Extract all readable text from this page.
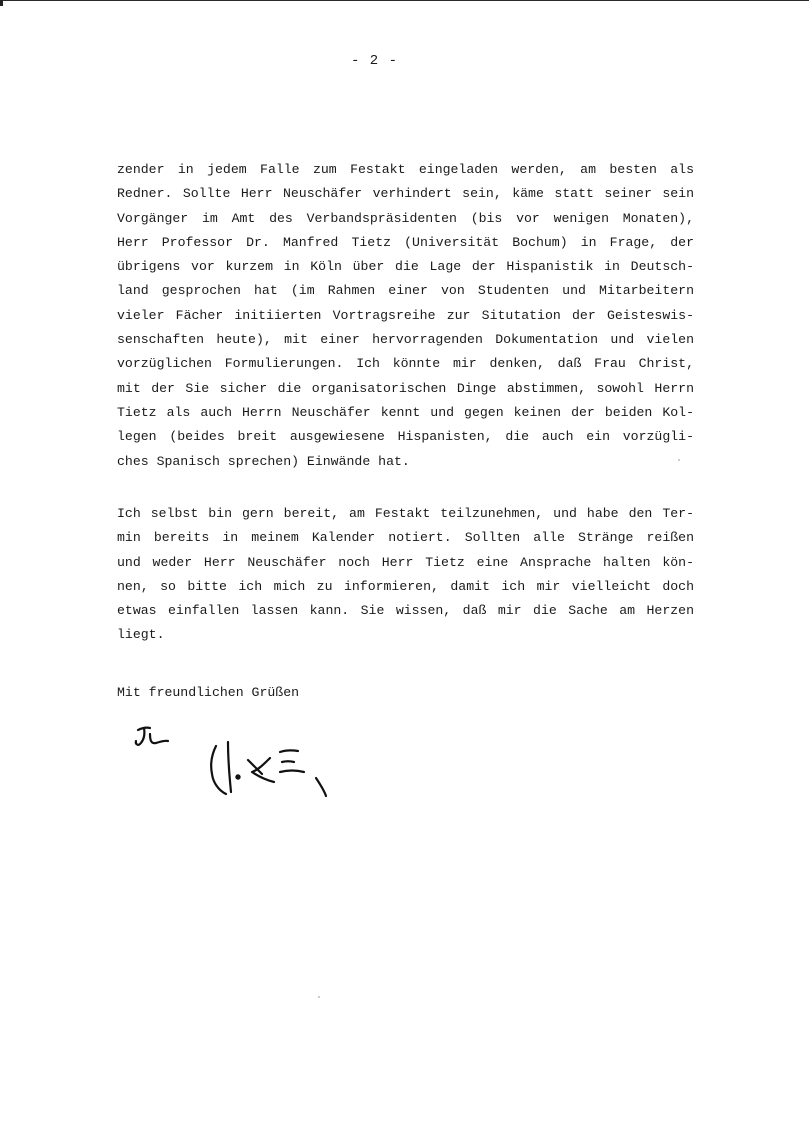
- 2 -
zender in jedem Falle zum Festakt eingeladen werden, am besten als
Redner. Sollte Herr Neuschäfer verhindert sein, käme statt seiner sein
Vorgänger im Amt des Verbandspräsidenten (bis vor wenigen Monaten),
Herr Professor Dr. Manfred Tietz (Universität Bochum) in Frage, der
übrigens vor kurzem in Köln über die Lage der Hispanistik in Deutsch-
land gesprochen hat (im Rahmen einer von Studenten und Mitarbeitern
vieler Fächer initiierten Vortragsreihe zur Situtation der Geisteswis-
senschaften heute), mit einer hervorragenden Dokumentation und vielen
vorzüglichen Formulierungen. Ich könnte mir denken, daß Frau Christ,
mit der Sie sicher die organisatorischen Dinge abstimmen, sowohl Herrn
Tietz als auch Herrn Neuschäfer kennt und gegen keinen der beiden Kol-
legen (beides breit ausgewiesene Hispanisten, die auch ein vorzügli-
ches Spanisch sprechen) Einwände hat.
Ich selbst bin gern bereit, am Festakt teilzunehmen, und habe den Ter-
min bereits in meinem Kalender notiert. Sollten alle Stränge reißen
und weder Herr Neuschäfer noch Herr Tietz eine Ansprache halten kön-
nen, so bitte ich mich zu informieren, damit ich mir vielleicht doch
etwas einfallen lassen kann. Sie wissen, daß mir die Sache am Herzen
liegt.
Mit freundlichen Grüßen
